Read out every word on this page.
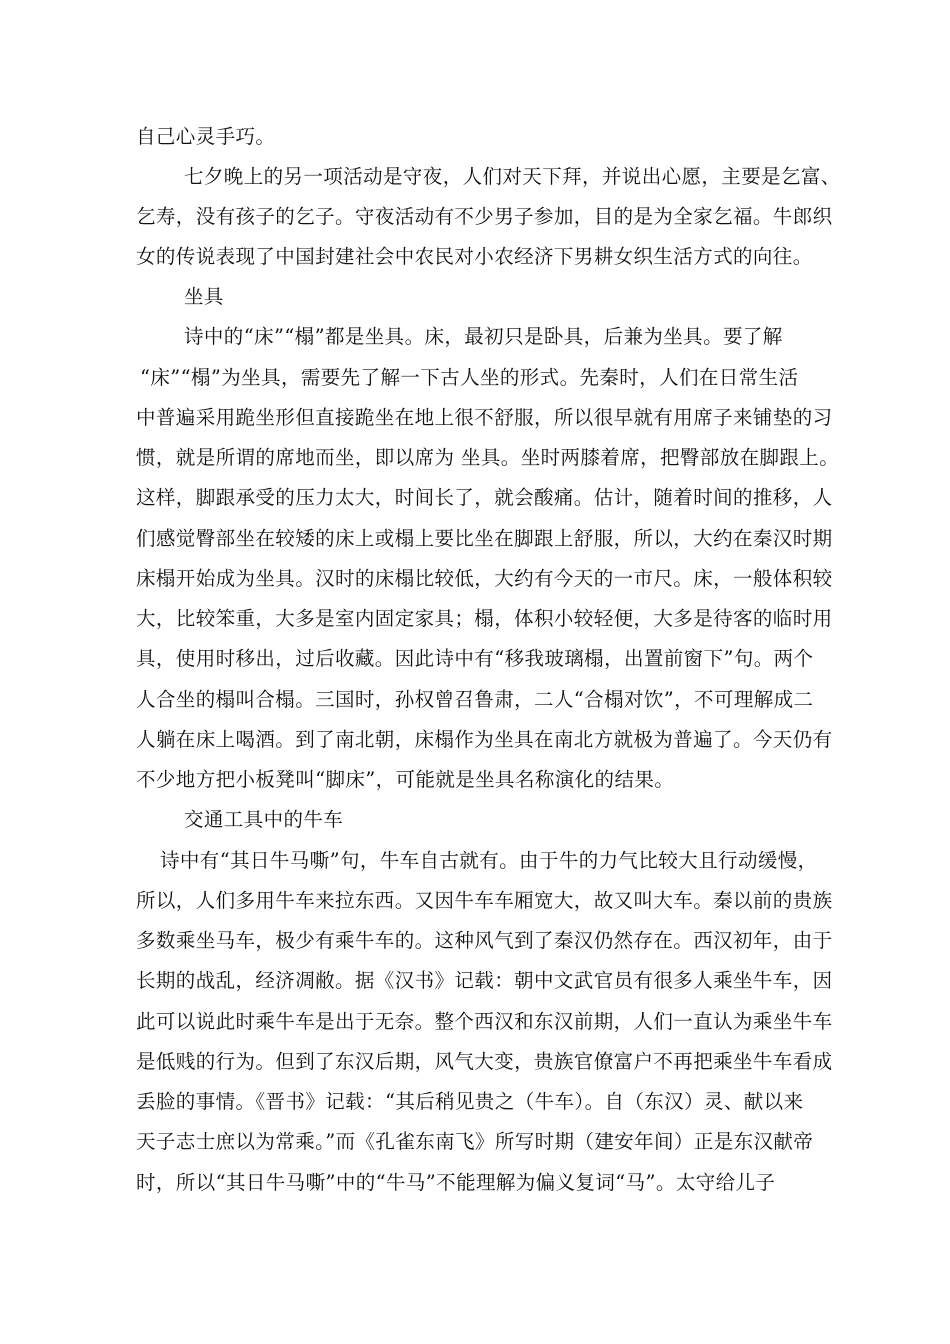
自己心灵手巧。
七夕晚上的另一项活动是守夜，人们对天下拜，并说出心愿，主要是乞富、
乞寿，没有孩子的乞子。守夜活动有不少男子参加，目的是为全家乞福。牛郎织
女的传说表现了中国封建社会中农民对小农经济下男耕女织生活方式的向往。
坐具
诗中的“床”“榻”都是坐具。床，最初只是卧具，后兼为坐具。要了解
“床”“榻”为坐具，需要先了解一下古人坐的形式。先秦时，人们在日常生活
中普遍采用跪坐形但直接跪坐在地上很不舒服，所以很早就有用席子来铺垫的习
惯，就是所谓的席地而坐，即以席为 坐具。坐时两膝着席，把臀部放在脚跟上。
这样，脚跟承受的压力太大，时间长了，就会酸痛。估计，随着时间的推移，人
们感觉臀部坐在较矮的床上或榻上要比坐在脚跟上舒服，所以，大约在秦汉时期
床榻开始成为坐具。汉时的床榻比较低，大约有今天的一市尺。床，一般体积较
大，比较笨重，大多是室内固定家具；榻，体积小较轻便，大多是待客的临时用
具，使用时移出，过后收藏。因此诗中有“移我玻璃榻，出置前窗下”句。两个
人合坐的榻叫合榻。三国时，孙权曾召鲁肃，二人“合榻对饮”，不可理解成二
人躺在床上喝酒。到了南北朝，床榻作为坐具在南北方就极为普遍了。今天仍有
不少地方把小板凳叫“脚床”，可能就是坐具名称演化的结果。
交通工具中的牛车
诗中有“其日牛马嘶”句，牛车自古就有。由于牛的力气比较大且行动缓慢，
所以，人们多用牛车来拉东西。又因牛车车厢宽大，故又叫大车。秦以前的贵族
多数乘坐马车，极少有乘牛车的。这种风气到了秦汉仍然存在。西汉初年，由于
长期的战乱，经济凋敝。据《汉书》记载：朝中文武官员有很多人乘坐牛车，因
此可以说此时乘牛车是出于无奈。整个西汉和东汉前期，人们一直认为乘坐牛车
是低贱的行为。但到了东汉后期，风气大变，贵族官僚富户不再把乘坐牛车看成
丢脸的事情。《晋书》记载：“其后稍见贵之（牛车）。自（东汉）灵、献以来
天子志士庶以为常乘。”而《孔雀东南飞》所写时期（建安年间）正是东汉献帝
时，所以“其日牛马嘶”中的“牛马”不能理解为偏义复词“马”。太守给儿子
